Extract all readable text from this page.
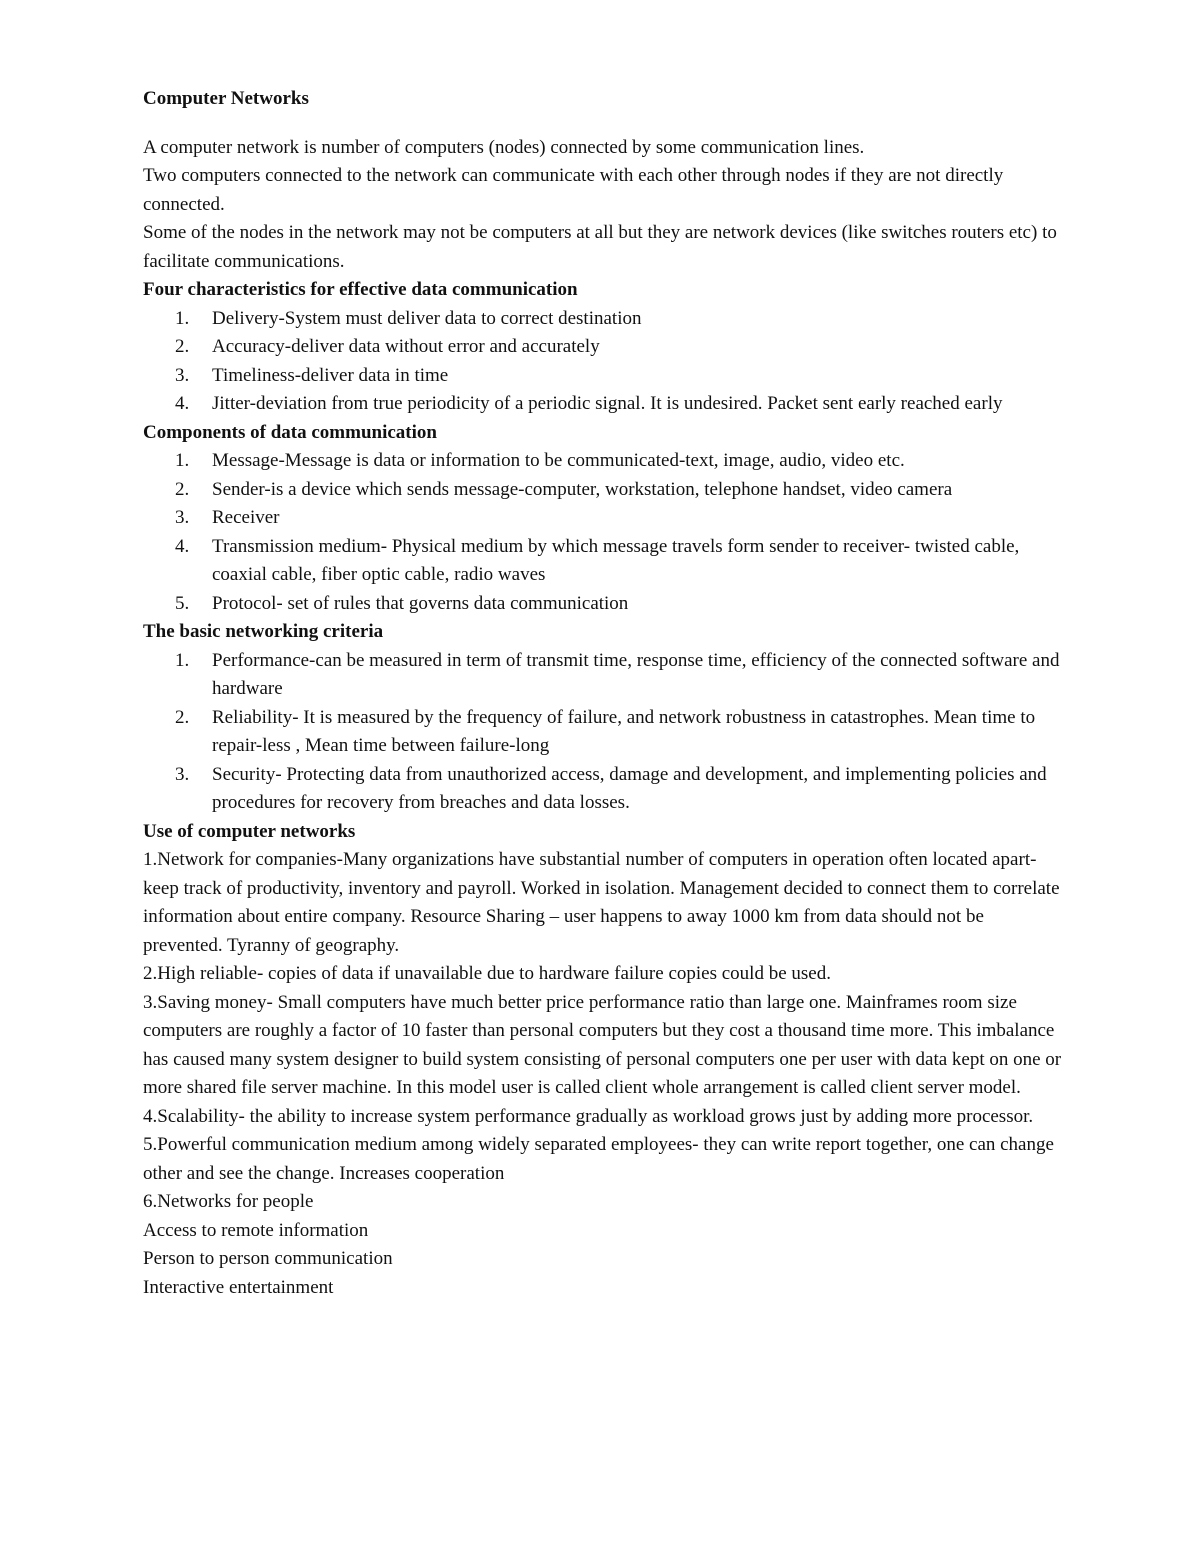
Computer Networks
A computer network is number of computers (nodes) connected by some communication lines.
Two computers connected to the network can communicate with each other through nodes if they are not directly connected.
Some of the nodes in the network may not be computers at all but they are network devices (like switches routers etc) to facilitate communications.
Four characteristics for effective data communication
1. Delivery-System must deliver data to correct destination
2. Accuracy-deliver data without error and accurately
3. Timeliness-deliver data in time
4. Jitter-deviation from true periodicity of a periodic signal. It is undesired. Packet sent early reached early
Components of data communication
1. Message-Message is data or information to be communicated-text, image, audio, video etc.
2. Sender-is a device which sends message-computer, workstation, telephone handset, video camera
3. Receiver
4. Transmission medium- Physical medium by which message travels form sender to receiver- twisted cable, coaxial cable, fiber optic cable, radio waves
5. Protocol- set of rules that governs data communication
The basic networking criteria
1. Performance-can be measured in term of transmit time, response time, efficiency of the connected software and hardware
2. Reliability- It is measured by the frequency of failure, and network robustness in catastrophes. Mean time to repair-less , Mean time between failure-long
3. Security- Protecting data from unauthorized access, damage and development, and implementing policies and procedures for recovery from breaches and data losses.
Use of computer networks
1.Network for companies-Many organizations have substantial number of computers in operation often located apart-keep track of productivity, inventory and payroll. Worked in isolation. Management decided to connect them to correlate information about entire company. Resource Sharing – user happens to away 1000 km from data should not be prevented. Tyranny of geography.
2.High reliable- copies of data if unavailable due to hardware failure copies could be used.
3.Saving money- Small computers have much better price performance ratio than large one. Mainframes room size computers are roughly a factor of 10 faster than personal computers but they cost a thousand time more. This imbalance has caused many system designer to build system consisting of personal computers one per user with data kept on one or more shared file server machine. In this model user is called client whole arrangement is called client server model.
4.Scalability- the ability to increase system performance gradually as workload grows just by adding more processor.
5.Powerful communication medium among widely separated employees- they can write report together, one can change other and see the change. Increases cooperation
6.Networks for people
Access to remote information
Person to person communication
Interactive entertainment
